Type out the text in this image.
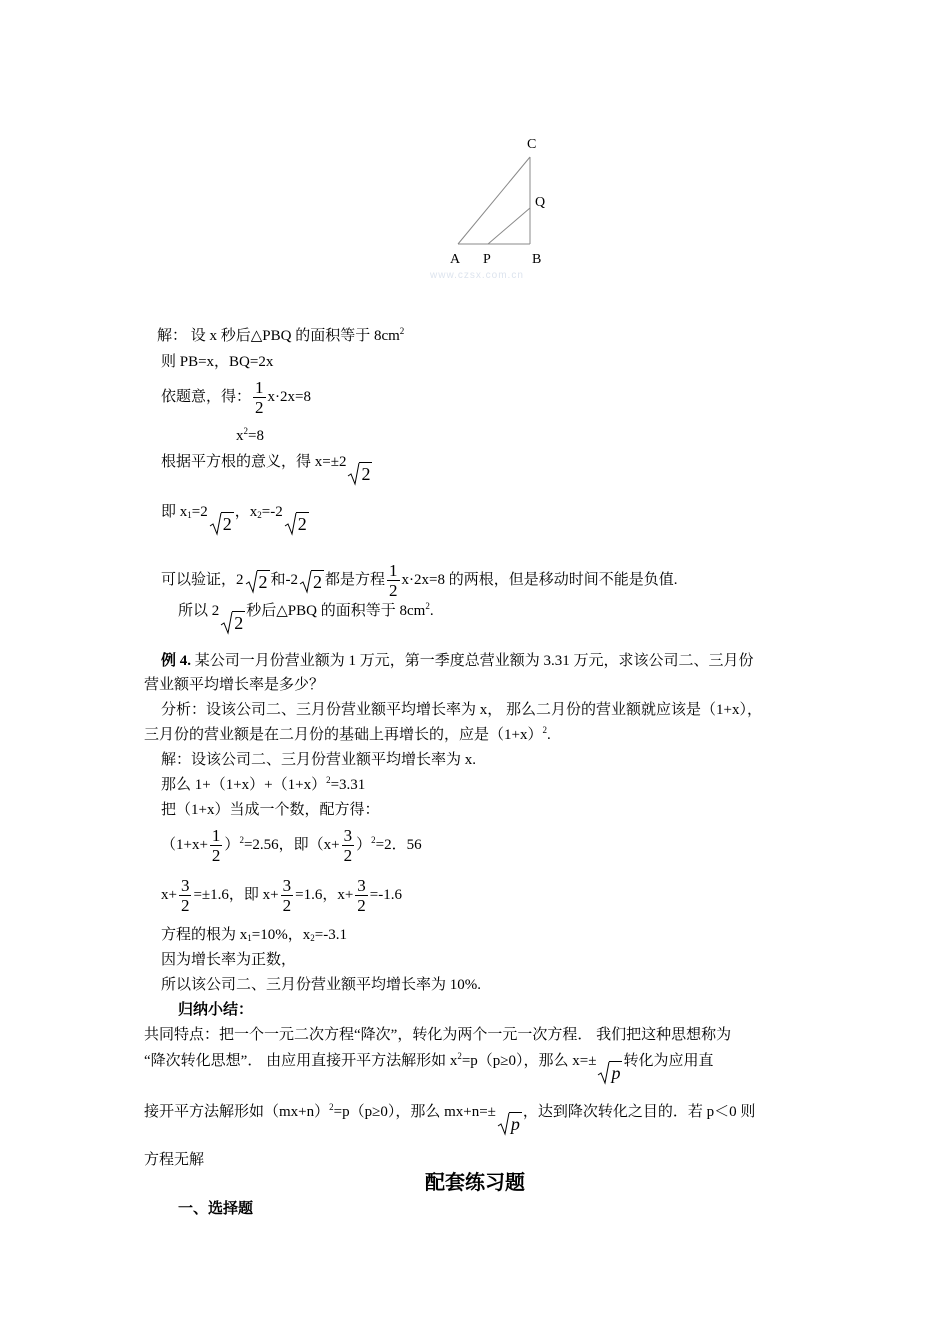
C
Q
A P	B
www.czsx.com.cn
解： 设 x 秒后△PBQ 的面积等于 $8cm^2$
则 PB=x，BQ=2x
依题意，得： $\frac{1}{2} x\cdot 2x=8$
$x^2=8$
根据平方根的意义，得 x=±2
2
即 $x_1=2$
2，$x_2=-2$
2
可以验证，2 2 和-2 2 都是方程 $\frac{1}{2} x\cdot 2x=8$ 的两根，但是移动时间不能是负值.
所以 2
2秒后△PBQ 的面积等于 $8cm^2$.
例 4. 某公司一月份营业额为 1 万元，第一季度总营业额为 3.31 万元，求该公司二、三月份
营业额平均增长率是多少？
分析：设该公司二、三月份营业额平均增长率为 x， 那么二月份的营业额就应该是（1+x），
三月份的营业额是在二月份的基础上再增长的，应是$(1+x)^2$.
解：设该公司二、三月份营业额平均增长率为 x.
那么 $1+(1+x)+(1+x)^2=3.31$
把（1+x）当成一个数，配方得：
$(1+x+ \frac{1}{2} )^2=2.56$，即$(x+ \frac{3}{2} )^2=2$．56
$x+ \frac{3}{2} =\pm 1.6$，即 $x+ \frac{3}{2} =1.6$，$x+ \frac{3}{2} =-1.6$
方程的根为 $x_1=10\%$，$x_2=-3.1$
因为增长率为正数，
所以该公司二、三月份营业额平均增长率为 10%.
归纳小结：
共同特点：把一个一元二次方程“降次”，转化为两个一元一次方程． 我们把这种思想称为
“降次转化思想”． 由应用直接开平方法解形如 $x^2=p(p\ge 0)$，那么 x=±
p转化为应用直
接开平方法解形如$(mx+n)^2=p(p\ge 0)$，那么 mx+n=±
p，达到降次转化之目的．若 p＜0 则
方程无解
配套练习题
一、选择题
